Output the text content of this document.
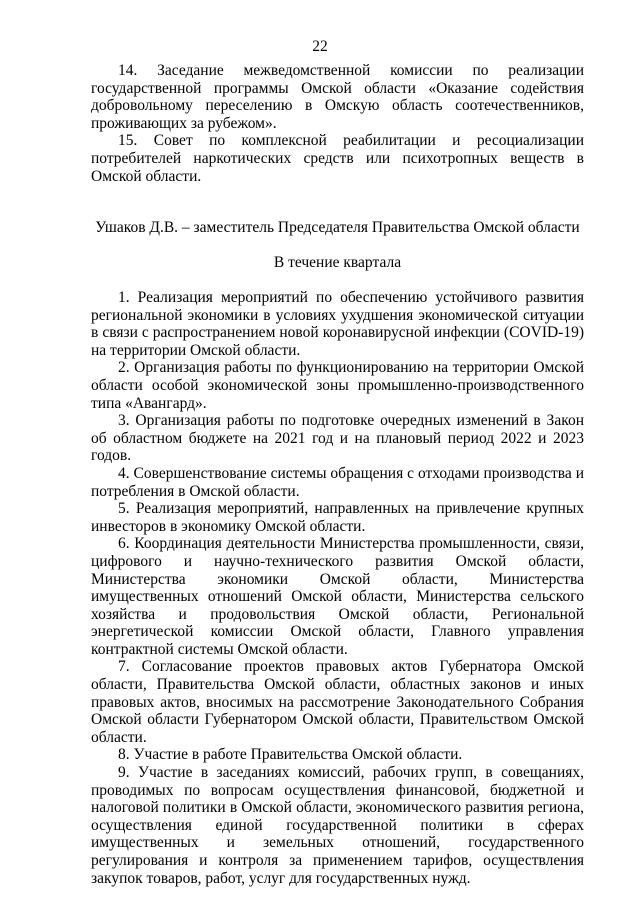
22

14. Заседание межведомственной комиссии по реализации государственной программы Омской области «Оказание содействия добровольному переселению в Омскую область соотечественников, проживающих за рубежом».

15. Совет по комплексной реабилитации и ресоциализации потребителей наркотических средств или психотропных веществ в Омской области.

Ушаков Д.В. – заместитель Председателя Правительства Омской области
В течение квартала

1. Реализация мероприятий по обеспечению устойчивого развития региональной экономики в условиях ухудшения экономической ситуации в связи с распространением новой коронавирусной инфекции (COVID-19) на территории Омской области.

2. Организация работы по функционированию на территории Омской области особой экономической зоны промышленно-производственного типа «Авангард».

3. Организация работы по подготовке очередных изменений в Закон об областном бюджете на 2021 год и на плановый период 2022 и 2023 годов.

4. Совершенствование системы обращения с отходами производства и потребления в Омской области.

5. Реализация мероприятий, направленных на привлечение крупных инвесторов в экономику Омской области.

6. Координация деятельности Министерства промышленности, связи, цифрового и научно-технического развития Омской области, Министерства экономики Омской области, Министерства имущественных отношений Омской области, Министерства сельского хозяйства и продовольствия Омской области, Региональной энергетической комиссии Омской области, Главного управления контрактной системы Омской области.

7. Согласование проектов правовых актов Губернатора Омской области, Правительства Омской области, областных законов и иных правовых актов, вносимых на рассмотрение Законодательного Собрания Омской области Губернатором Омской области, Правительством Омской области.

8. Участие в работе Правительства Омской области.

9. Участие в заседаниях комиссий, рабочих групп, в совещаниях, проводимых по вопросам осуществления финансовой, бюджетной и налоговой политики в Омской области, экономического развития региона, осуществления единой государственной политики в сферах имущественных и земельных отношений, государственного регулирования и контроля за применением тарифов, осуществления закупок товаров, работ, услуг для государственных нужд.
